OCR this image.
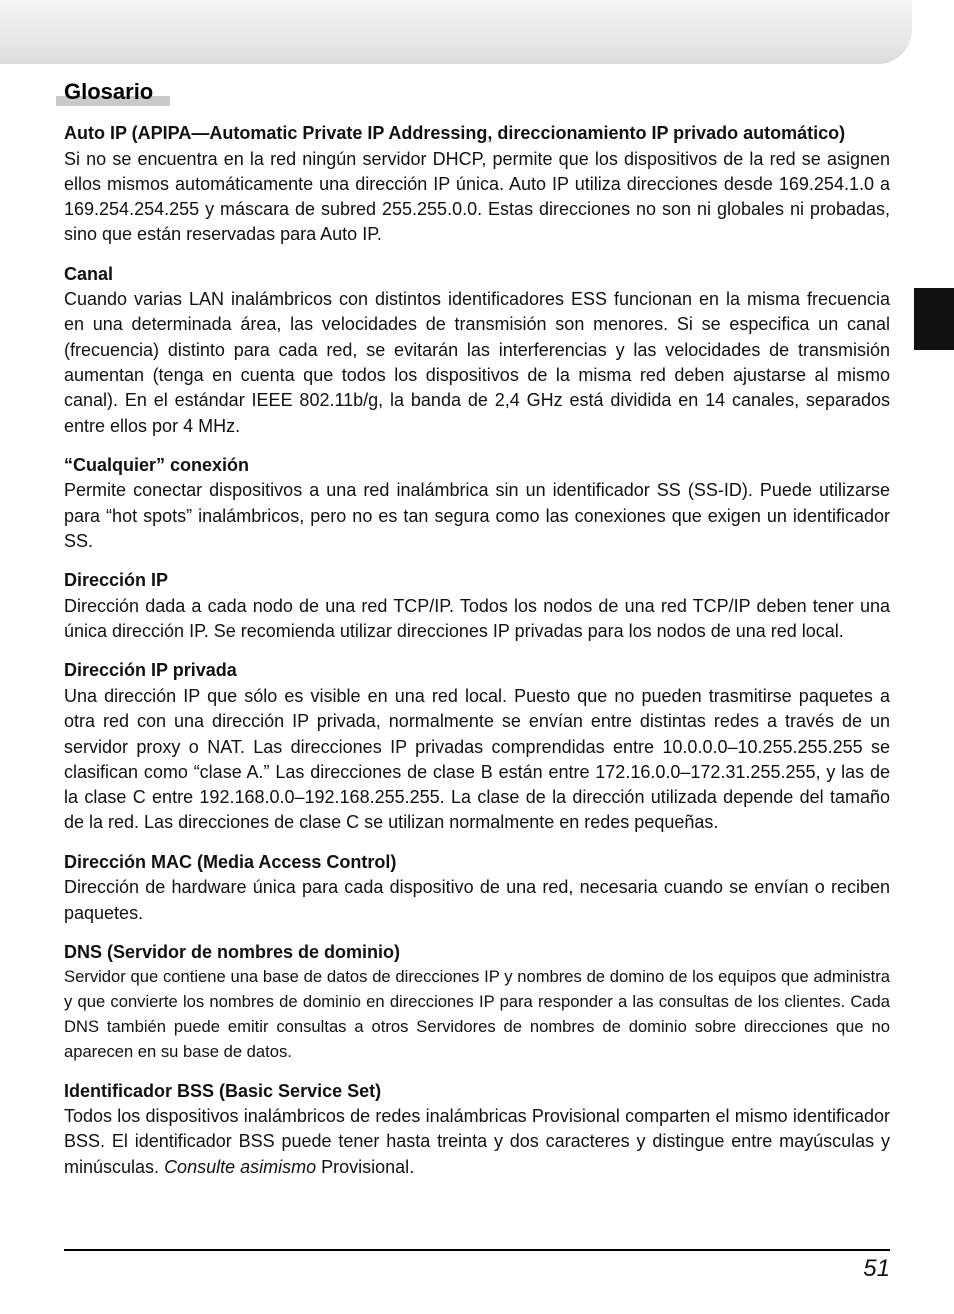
Glosario

Auto IP (APIPA—Automatic Private IP Addressing, direccionamiento IP privado automático)

Si no se encuentra en la red ningún servidor DHCP, permite que los dispositivos de la red se asignen ellos mismos automáticamente una dirección IP única. Auto IP utiliza direcciones desde 169.254.1.0 a 169.254.254.255 y máscara de subred 255.255.0.0. Estas direcciones no son ni globales ni probadas, sino que están reservadas para Auto IP.

Canal

Cuando varias LAN inalámbricos con distintos identificadores ESS funcionan en la misma frecuencia en una determinada área, las velocidades de transmisión son menores. Si se especifica un canal (frecuencia) distinto para cada red, se evitarán las interferencias y las velocidades de transmisión aumentan (tenga en cuenta que todos los dispositivos de la misma red deben ajustarse al mismo canal). En el estándar IEEE 802.11b/g, la banda de 2,4 GHz está dividida en 14 canales, separados entre ellos por 4 MHz.

“Cualquier” conexión

Permite conectar dispositivos a una red inalámbrica sin un identificador SS (SS-ID). Puede utilizarse para “hot spots” inalámbricos, pero no es tan segura como las conexiones que exigen un identificador SS.

Dirección IP

Dirección dada a cada nodo de una red TCP/IP. Todos los nodos de una red TCP/IP deben tener una única dirección IP. Se recomienda utilizar direcciones IP privadas para los nodos de una red local.

Dirección IP privada

Una dirección IP que sólo es visible en una red local. Puesto que no pueden trasmitirse paquetes a otra red con una dirección IP privada, normalmente se envían entre distintas redes a través de un servidor proxy o NAT. Las direcciones IP privadas comprendidas entre 10.0.0.0–10.255.255.255 se clasifican como “clase A.” Las direcciones de clase B están entre 172.16.0.0–172.31.255.255, y las de la clase C entre 192.168.0.0–192.168.255.255. La clase de la dirección utilizada depende del tamaño de la red. Las direcciones de clase C se utilizan normalmente en redes pequeñas.

Dirección MAC (Media Access Control)

Dirección de hardware única para cada dispositivo de una red, necesaria cuando se envían o reciben paquetes.

DNS (Servidor de nombres de dominio)

Servidor que contiene una base de datos de direcciones IP y nombres de domino de los equipos que administra y que convierte los nombres de dominio en direcciones IP para responder a las consultas de los clientes. Cada DNS también puede emitir consultas a otros Servidores de nombres de dominio sobre direcciones que no aparecen en su base de datos.

Identificador BSS (Basic Service Set)

Todos los dispositivos inalámbricos de redes inalámbricas Provisional comparten el mismo identificador BSS. El identificador BSS puede tener hasta treinta y dos caracteres y distingue entre mayúsculas y minúsculas. Consulte asimismo Provisional.

51
